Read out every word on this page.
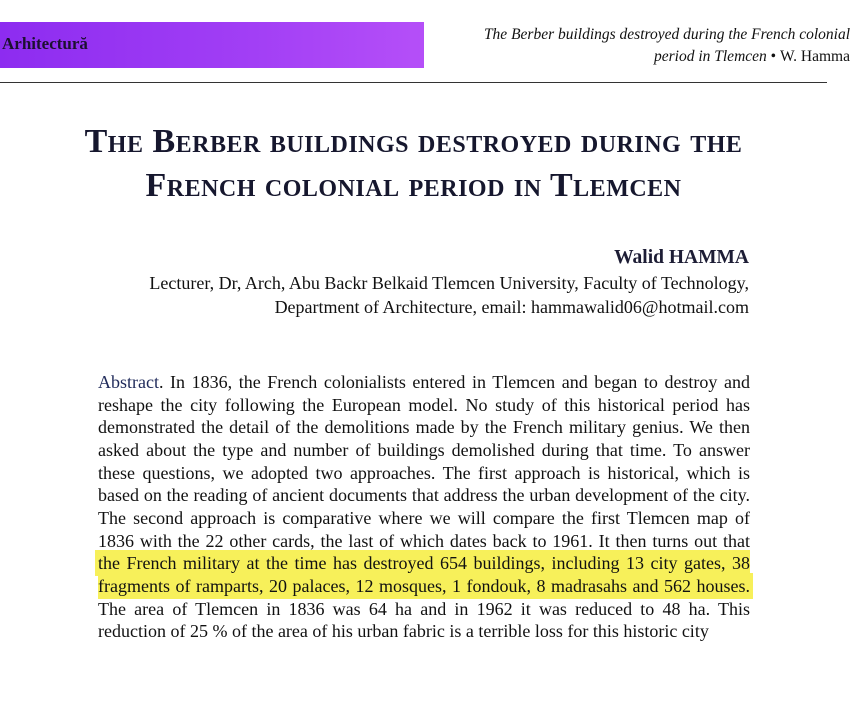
Arhitectură	The Berber buildings destroyed during the French colonial
period in Tlemcen • W. Hamma
The Berber buildings destroyed during the
French colonial period in Tlemcen
Walid HAMMA
Lecturer, Dr, Arch, Abu Backr Belkaid Tlemcen University, Faculty of Technology, Department of Architecture, email: hammawalid06@hotmail.com
Abstract. In 1836, the French colonialists entered in Tlemcen and began to destroy and reshape the city following the European model. No study of this historical period has demonstrated the detail of the demolitions made by the French military genius. We then asked about the type and number of buildings demolished during that time. To answer these questions, we adopted two approaches. The first approach is historical, which is based on the reading of ancient documents that address the urban development of the city. The second approach is comparative where we will compare the first Tlemcen map of 1836 with the 22 other cards, the last of which dates back to 1961. It then turns out that the French military at the time has destroyed 654 buildings, including 13 city gates, 38 fragments of ramparts, 20 palaces, 12 mosques, 1 fondouk, 8 madrasahs and 562 houses. The area of Tlemcen in 1836 was 64 ha and in 1962 it was reduced to 48 ha. This reduction of 25 % of the area of his urban fabric is a terrible loss for this historic city
